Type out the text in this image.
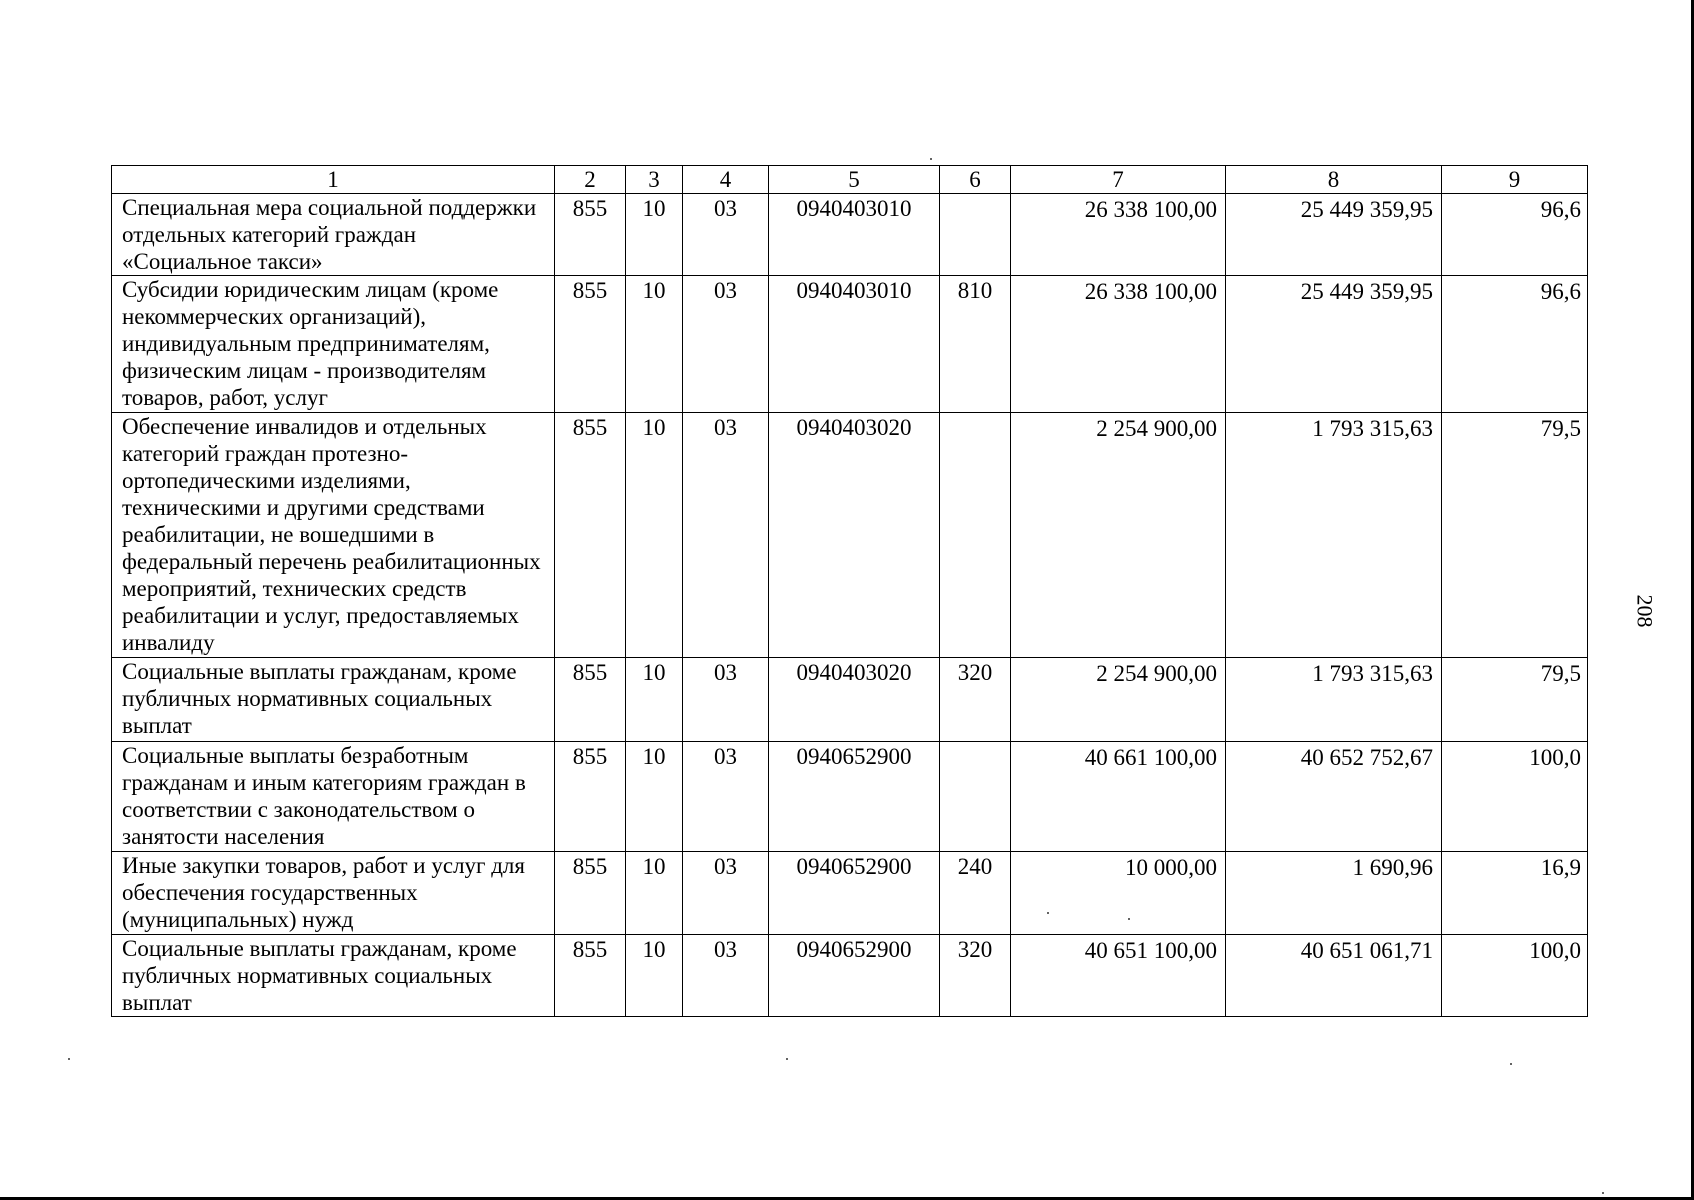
1	2	3	4	5	6	7	8	9
Специальная мера социальной поддержки отдельных категорий граждан «Социальное такси»	855	10	03	0940403010		26 338 100,00	25 449 359,95	96,6
Субсидии юридическим лицам (кроме некоммерческих организаций), индивидуальным предпринимателям, физическим лицам - производителям товаров, работ, услуг	855	10	03	0940403010	810	26 338 100,00	25 449 359,95	96,6
Обеспечение инвалидов и отдельных категорий граждан протезно-ортопедическими изделиями, техническими и другими средствами реабилитации, не вошедшими в федеральный перечень реабилитационных мероприятий, технических средств реабилитации и услуг, предоставляемых инвалиду	855	10	03	0940403020		2 254 900,00	1 793 315,63	79,5
Социальные выплаты гражданам, кроме публичных нормативных социальных выплат	855	10	03	0940403020	320	2 254 900,00	1 793 315,63	79,5
Социальные выплаты безработным гражданам и иным категориям граждан в соответствии с законодательством о занятости населения	855	10	03	0940652900		40 661 100,00	40 652 752,67	100,0
Иные закупки товаров, работ и услуг для обеспечения государственных (муниципальных) нужд	855	10	03	0940652900	240	10 000,00	1 690,96	16,9
Социальные выплаты гражданам, кроме публичных нормативных социальных выплат	855	10	03	0940652900	320	40 651 100,00	40 651 061,71	100,0
208
